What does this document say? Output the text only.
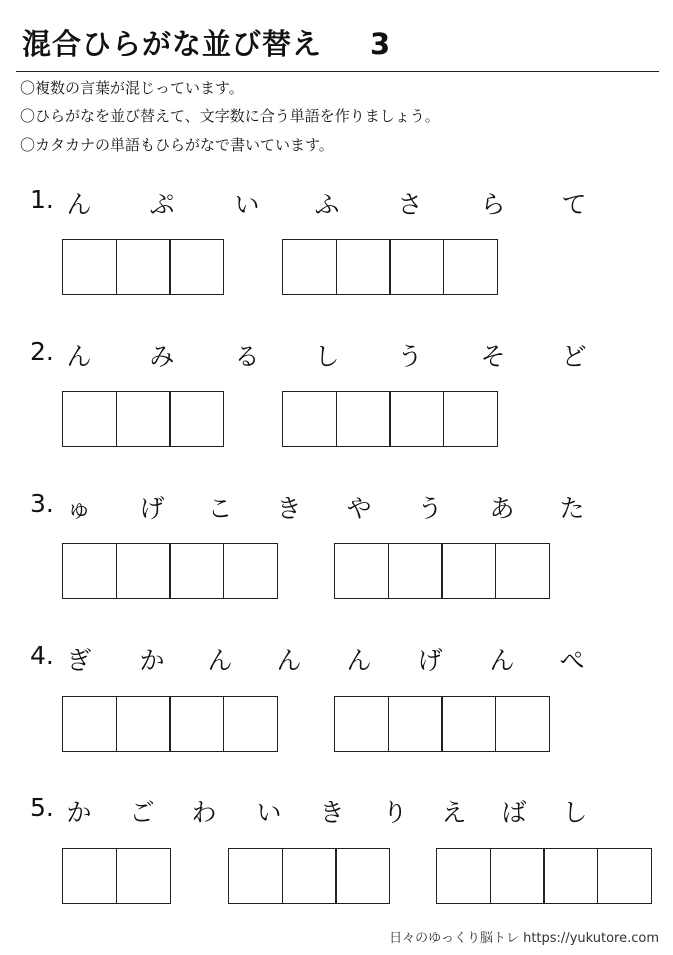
混合ひらがな並び替え 3
〇複数の言葉が混じっています。
〇ひらがなを並び替えて、文字数に合う単語を作りましょう。
〇カタカナの単語もひらがなで書いています。
1. ん ぷ い ふ さ ら て
2. ん み る し う そ ど
3. ゅ げ こ き や う あ た
4. ぎ か ん ん ん げ ん ぺ
5. か ご わ い き り え ば し
日々のゆっくり脳トレ https://yukutore.com
